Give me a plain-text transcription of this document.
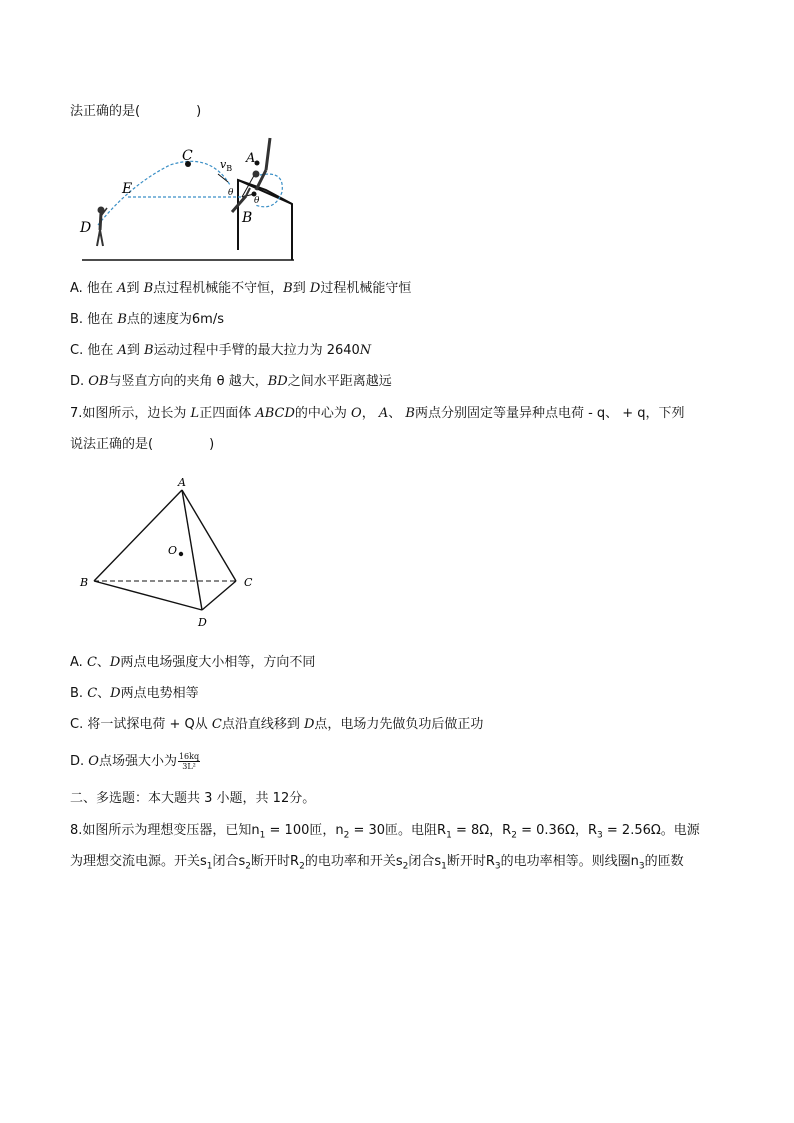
法正确的是(	)
C
$v_B$
A
E
D
θ
θ
B
A. 他在 A到 B点过程机械能不守恒，B到 D过程机械能守恒
B. 他在 B点的速度为6m/s
C. 他在 A到 B运动过程中手臂的最大拉力为 2640N
D. OB与竖直方向的夹角 θ 越大，BD之间水平距离越远
7.如图所示，边长为 L正四面体 ABCD的中心为 O， A、 B两点分别固定等量异种点电荷 - q、 + q，下列
说法正确的是(	)
A
O
B	C
D
A. C、D两点电场强度大小相等，方向不同
B. C、D两点电势相等
C. 将一试探电荷 + Q从 C点沿直线移到 D点，电场力先做负功后做正功
D. O点场强大小为 $\frac{16kq}{\text{3L²}}$
二、多选题：本大题共 3 小题，共 12分。
8.如图所示为理想变压器，已知$n_1 = 100$匝，$n_2 = 30$匝。电阻$R_1 = 8\Omega$，$R_2 = 0.36\Omega$，$R_3 = 2.56\Omega$。电源
为理想交流电源。开关$s_1$闭合$s_2$断开时$R_2$的电功率和开关$s_2$闭合$s_1$断开时$R_3$的电功率相等。则线圈$n_3$的匝数
